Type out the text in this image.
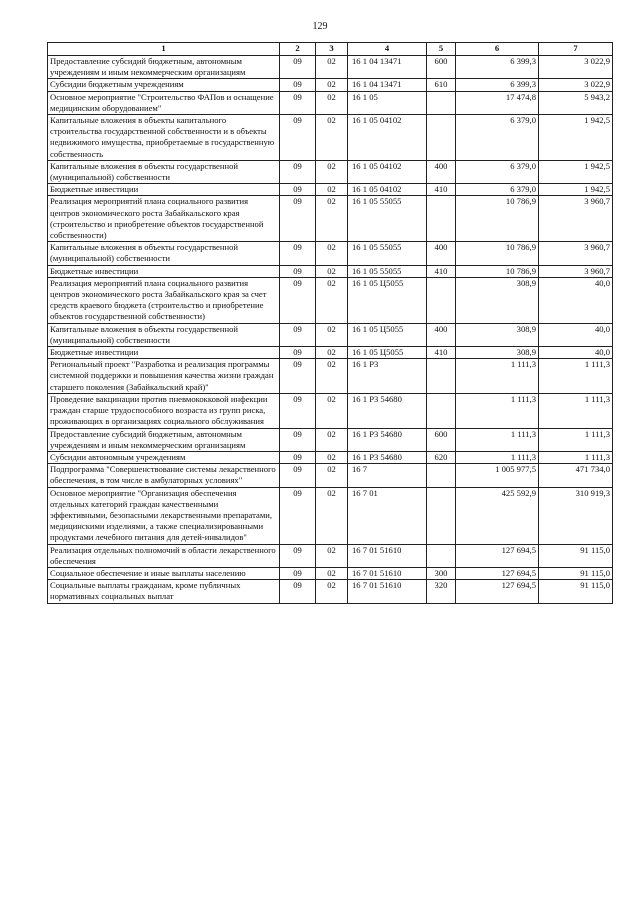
129
1	2	3	4	5	6	7
Предоставление субсидий бюджетным, автономным учреждениям и иным некоммерческим организациям	09	02	16 1 04 13471	600	6 399,3	3 022,9
Субсидии бюджетным учреждениям	09	02	16 1 04 13471	610	6 399,3	3 022,9
Основное мероприятие "Строительство ФАПов и оснащение медицинским оборудованием"	09	02	16 1 05		17 474,8	5 943,2
Капитальные вложения в объекты капитального строительства государственной собственности и в объекты недвижимого имущества, приобретаемые в государственную собственность	09	02	16 1 05 04102		6 379,0	1 942,5
Капитальные вложения в объекты государственной (муниципальной) собственности	09	02	16 1 05 04102	400	6 379,0	1 942,5
Бюджетные инвестиции	09	02	16 1 05 04102	410	6 379,0	1 942,5
Реализация мероприятий плана социального развития центров экономического роста Забайкальского края (строительство и приобретение объектов государственной собственности)	09	02	16 1 05 55055		10 786,9	3 960,7
Капитальные вложения в объекты государственной (муниципальной) собственности	09	02	16 1 05 55055	400	10 786,9	3 960,7
Бюджетные инвестиции	09	02	16 1 05 55055	410	10 786,9	3 960,7
Реализация мероприятий плана социального развития центров экономического роста Забайкальского края за счет средств краевого бюджета (строительство и приобретение объектов государственной собственности)	09	02	16 1 05 Ц5055		308,9	40,0
Капитальные вложения в объекты государственной (муниципальной) собственности	09	02	16 1 05 Ц5055	400	308,9	40,0
Бюджетные инвестиции	09	02	16 1 05 Ц5055	410	308,9	40,0
Региональный проект "Разработка и реализация программы системной поддержки и повышения качества жизни граждан старшего поколения (Забайкальский край)"	09	02	16 1 P3		1 111,3	1 111,3
Проведение вакцинации против пневмококковой инфекции граждан старше трудоспособного возраста из групп риска, проживающих в организациях социального обслуживания	09	02	16 1 P3 54680		1 111,3	1 111,3
Предоставление субсидий бюджетным, автономным учреждениям и иным некоммерческим организациям	09	02	16 1 P3 54680	600	1 111,3	1 111,3
Субсидии автономным учреждениям	09	02	16 1 P3 54680	620	1 111,3	1 111,3
Подпрограмма "Совершенствование системы лекарственного обеспечения, в том числе в амбулаторных условиях"	09	02	16 7		1 005 977,5	471 734,0
Основное мероприятие "Организация обеспечения отдельных категорий граждан качественными эффективными, безопасными лекарственными препаратами, медицинскими изделиями, а также специализированными продуктами лечебного питания для детей-инвалидов"	09	02	16 7 01		425 592,9	310 919,3
Реализация отдельных полномочий в области лекарственного обеспечения	09	02	16 7 01 51610		127 694,5	91 115,0
Социальное обеспечение и иные выплаты населению	09	02	16 7 01 51610	300	127 694,5	91 115,0
Социальные выплаты гражданам, кроме публичных нормативных социальных выплат	09	02	16 7 01 51610	320	127 694,5	91 115,0
